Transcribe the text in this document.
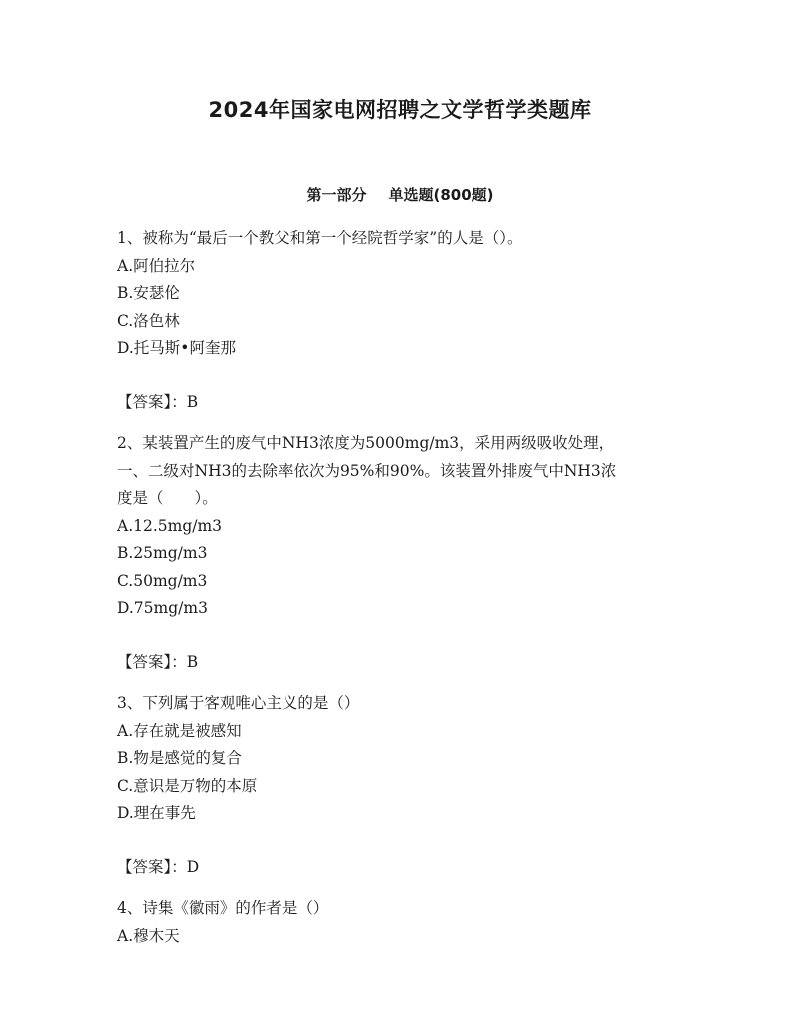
2024年国家电网招聘之文学哲学类题库
第一部分 单选题(800题)

1、被称为“最后一个教父和第一个经院哲学家”的人是（）。

A.阿伯拉尔

B.安瑟伦

C.洛色林

D.托马斯•阿奎那

【答案】：B

2、某装置产生的废气中NH3浓度为5000mg/m3，采用两级吸收处理，

一、二级对NH3的去除率依次为95%和90%。该装置外排废气中NH3浓

度是（　　）。

A.12.5mg/m3

B.25mg/m3

C.50mg/m3

D.75mg/m3

【答案】：B

3、下列属于客观唯心主义的是（）

A.存在就是被感知

B.物是感觉的复合

C.意识是万物的本原

D.理在事先

【答案】：D

4、诗集《徽雨》的作者是（）

A.穆木天
